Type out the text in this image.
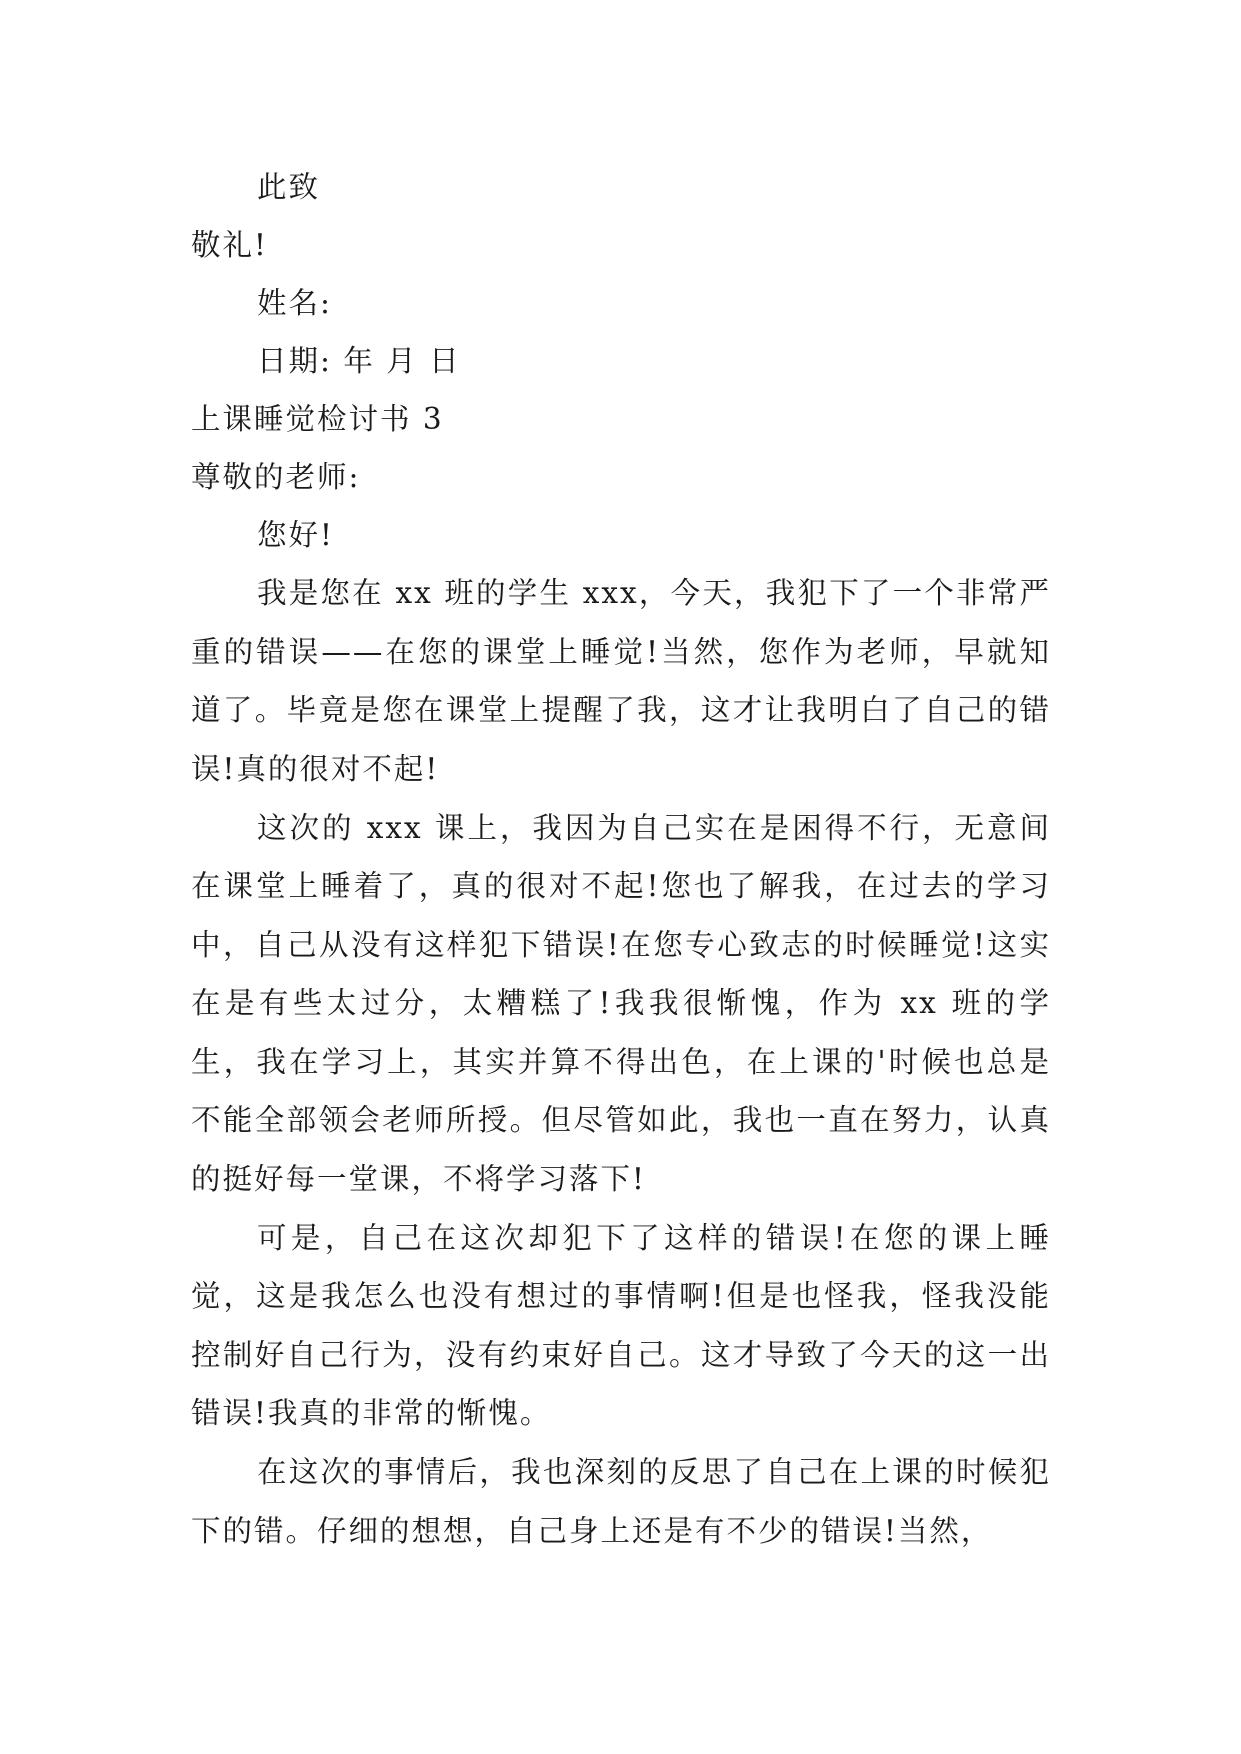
此致
敬礼!
姓名:
日期: 年 月 日
上课睡觉检讨书 3
尊敬的老师:
您好!

我是您在 xx 班的学生 xxx，今天，我犯下了一个非常严重的错误——在您的课堂上睡觉!当然，您作为老师，早就知道了。毕竟是您在课堂上提醒了我，这才让我明白了自己的错误!真的很对不起!

这次的 xxx 课上，我因为自己实在是困得不行，无意间在课堂上睡着了，真的很对不起!您也了解我，在过去的学习中，自己从没有这样犯下错误!在您专心致志的时候睡觉!这实在是有些太过分，太糟糕了!我我很惭愧，作为 xx 班的学生，我在学习上，其实并算不得出色，在上课的'时候也总是不能全部领会老师所授。但尽管如此，我也一直在努力，认真的挺好每一堂课，不将学习落下!

可是，自己在这次却犯下了这样的错误!在您的课上睡觉，这是我怎么也没有想过的事情啊!但是也怪我，怪我没能控制好自己行为，没有约束好自己。这才导致了今天的这一出错误!我真的非常的惭愧。

在这次的事情后，我也深刻的反思了自己在上课的时候犯下的错。仔细的想想，自己身上还是有不少的错误!当然，
